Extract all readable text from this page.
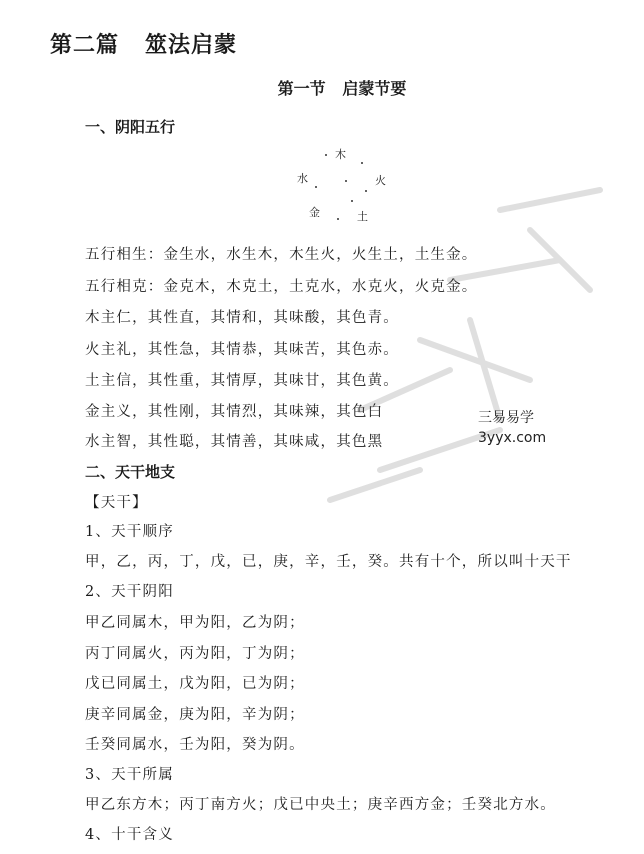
第二篇   筮法启蒙
第一节   启蒙节要
一、阴阳五行
木
火
水
金	土
五行相生：金生水，水生木，木生火，火生土，土生金。
五行相克：金克木，木克土，土克水，水克火，火克金。
木主仁，其性直，其情和，其味酸，其色青。
火主礼，其性急，其情恭，其味苦，其色赤。
土主信，其性重，其情厚，其味甘，其色黄。
金主义，其性刚，其情烈，其味辣，其色白
水主智，其性聪，其情善，其味咸，其色黑
三易易学
3yyx.com
二、天干地支
【天干】
1、天干顺序
甲，乙，丙，丁，戊，已，庚，辛，壬，癸。共有十个，所以叫十天干
2、天干阴阳
甲乙同属木，甲为阳，乙为阴；
丙丁同属火，丙为阳，丁为阴；
戊已同属土，戊为阳，已为阴；
庚辛同属金，庚为阳，辛为阴；
壬癸同属水，壬为阳，癸为阴。
3、天干所属
甲乙东方木；丙丁南方火；戊已中央土；庚辛西方金；壬癸北方水。
4、十干含义
